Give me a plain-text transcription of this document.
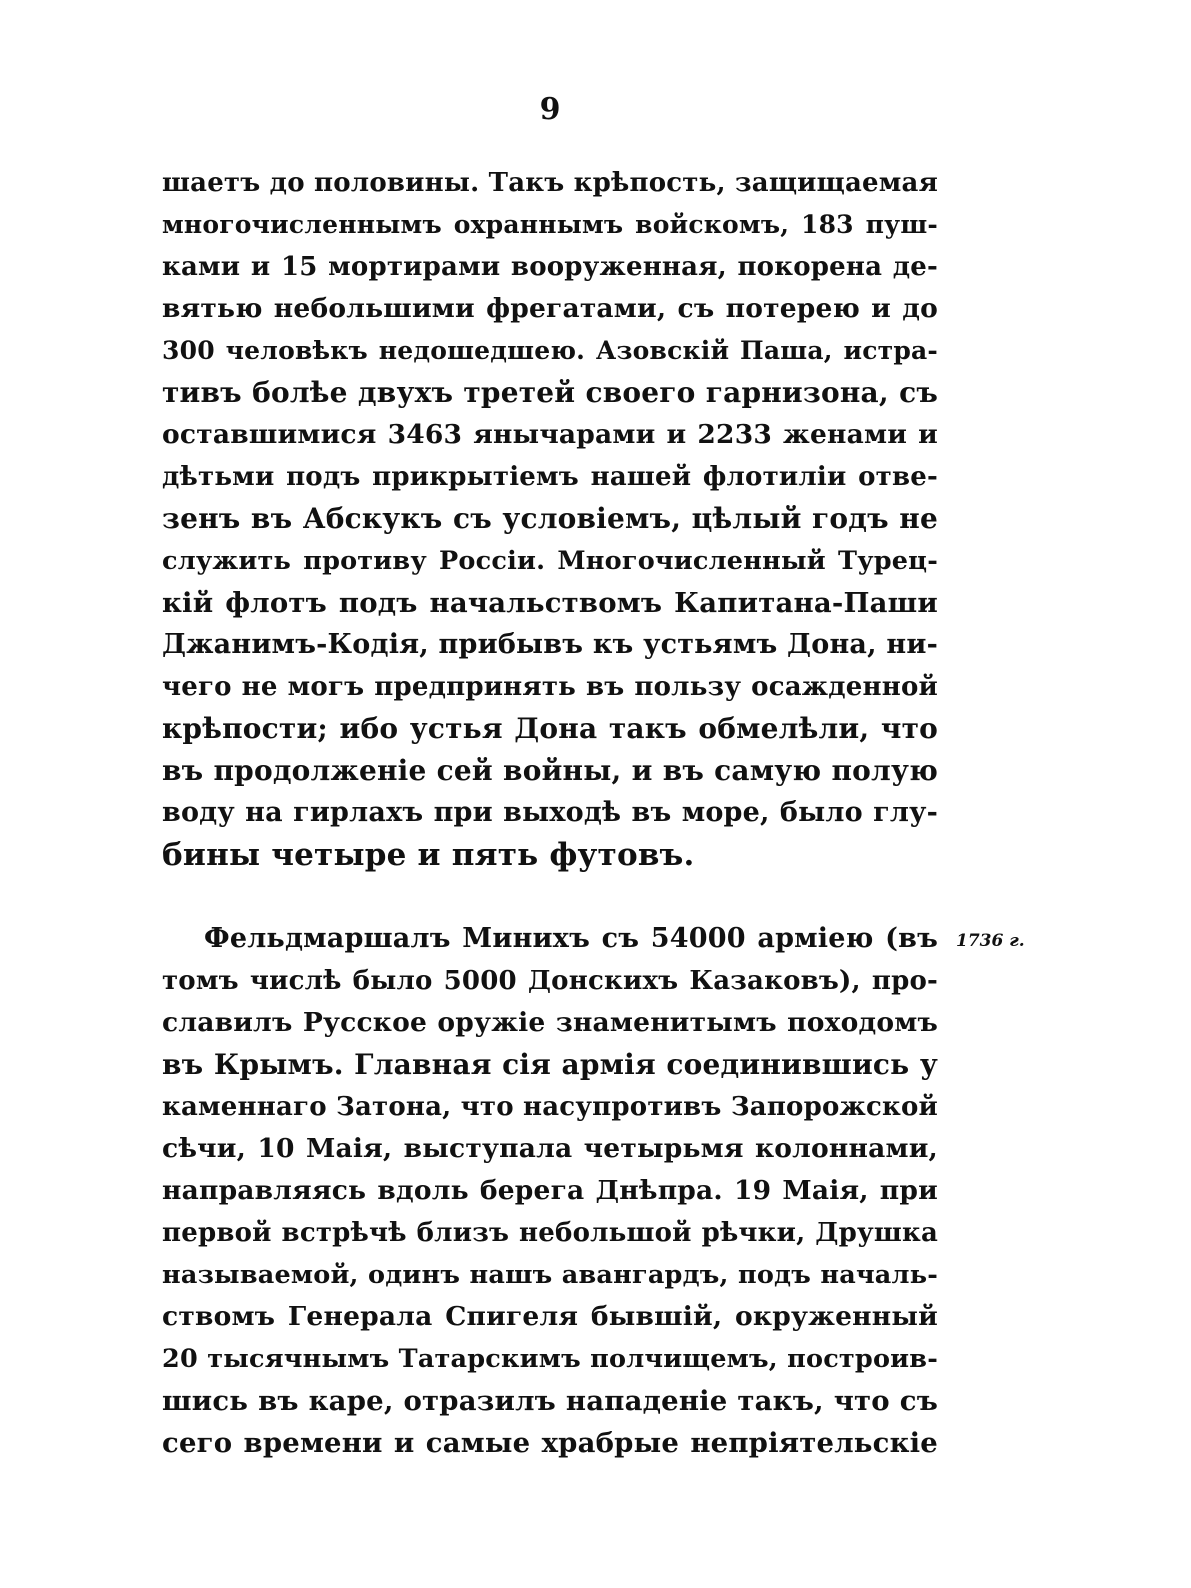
9
шаетъ до половины. Такъ крѣпость, защищаемая
многочисленнымъ охраннымъ войскомъ, 183 пуш-
ками и 15 мортирами вооруженная, покорена де-
вятью небольшими фрегатами, съ потерею и до
300 человѣкъ недошедшею. Азовскій Паша, истра-
тивъ болѣе двухъ третей своего гарнизона, съ
оставшимися 3463 янычарами и 2233 женами и
дѣтьми подъ прикрытіемъ нашей флотиліи отве-
зенъ въ Абскукъ съ условіемъ, цѣлый годъ не
служить противу Россіи. Многочисленный Турец-
кій флотъ подъ начальствомъ Капитана-Паши
Джанимъ-Кодія, прибывъ къ устьямъ Дона, ни-
чего не могъ предпринять въ пользу осажденной
крѣпости; ибо устья Дона такъ обмелѣли, что
въ продолженіе сей войны, и въ самую полую
воду на гирлахъ при выходѣ въ море, было глу-
бины четыре и пять футовъ.
1736 г.
Фельдмаршалъ Минихъ съ 54000 арміею (въ
томъ числѣ было 5000 Донскихъ Казаковъ), про-
славилъ Русское оружіе знаменитымъ походомъ
въ Крымъ. Главная сія армія соединившись у
каменнаго Затона, что насупротивъ Запорожской
сѣчи, 10 Маія, выступала четырьмя колоннами,
направляясь вдоль берега Днѣпра. 19 Маія, при
первой встрѣчѣ близъ небольшой рѣчки, Друшка
называемой, одинъ нашъ авангардъ, подъ началь-
ствомъ Генерала Спигеля бывшій, окруженный
20 тысячнымъ Татарскимъ полчищемъ, построив-
шись въ каре, отразилъ нападеніе такъ, что съ
сего времени и самые храбрые непріятельскіе
